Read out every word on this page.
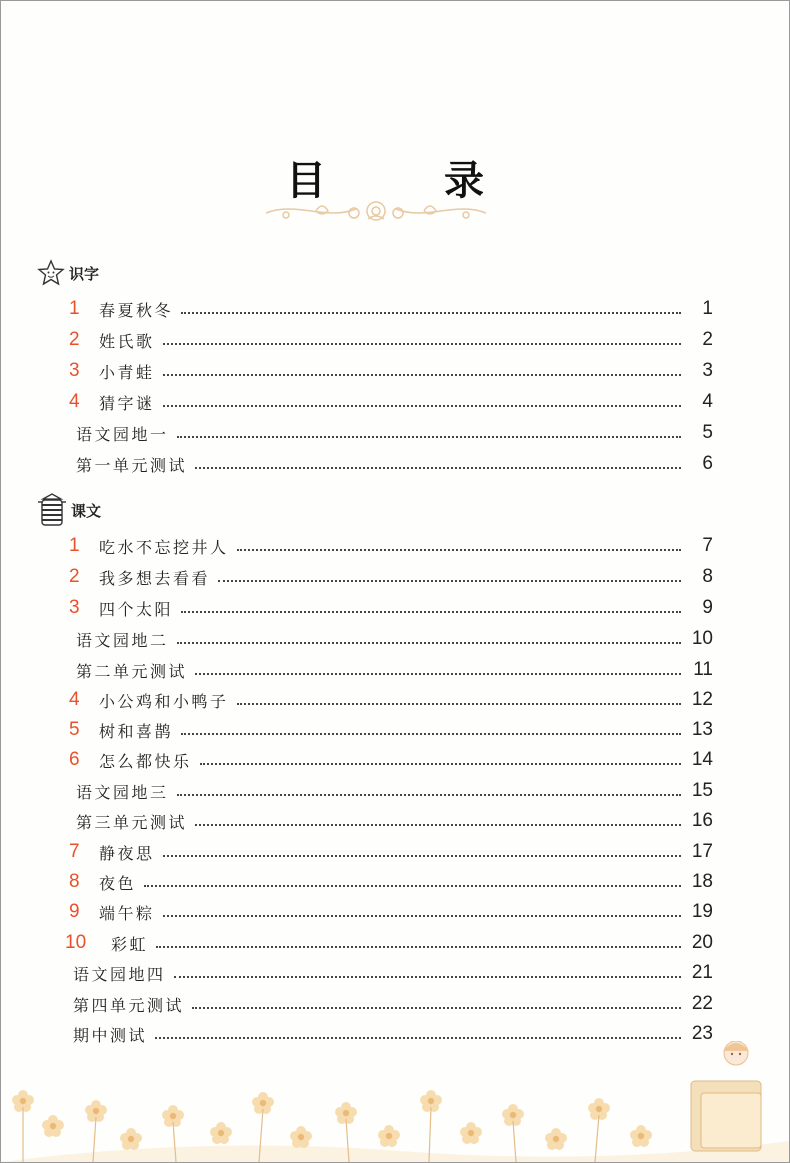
目 录
识字
1	春夏秋冬	1
2	姓氏歌	2
3	小青蛙	3
4	猜字谜	4
语文园地一	5
第一单元测试	6
课文
1	吃水不忘挖井人	7
2	我多想去看看	8
3	四个太阳	9
语文园地二	10
第二单元测试	11
4	小公鸡和小鸭子	12
5	树和喜鹊	13
6	怎么都快乐	14
语文园地三	15
第三单元测试	16
7	静夜思	17
8	夜色	18
9	端午粽	19
10	彩虹	20
语文园地四	21
第四单元测试	22
期中测试	23
